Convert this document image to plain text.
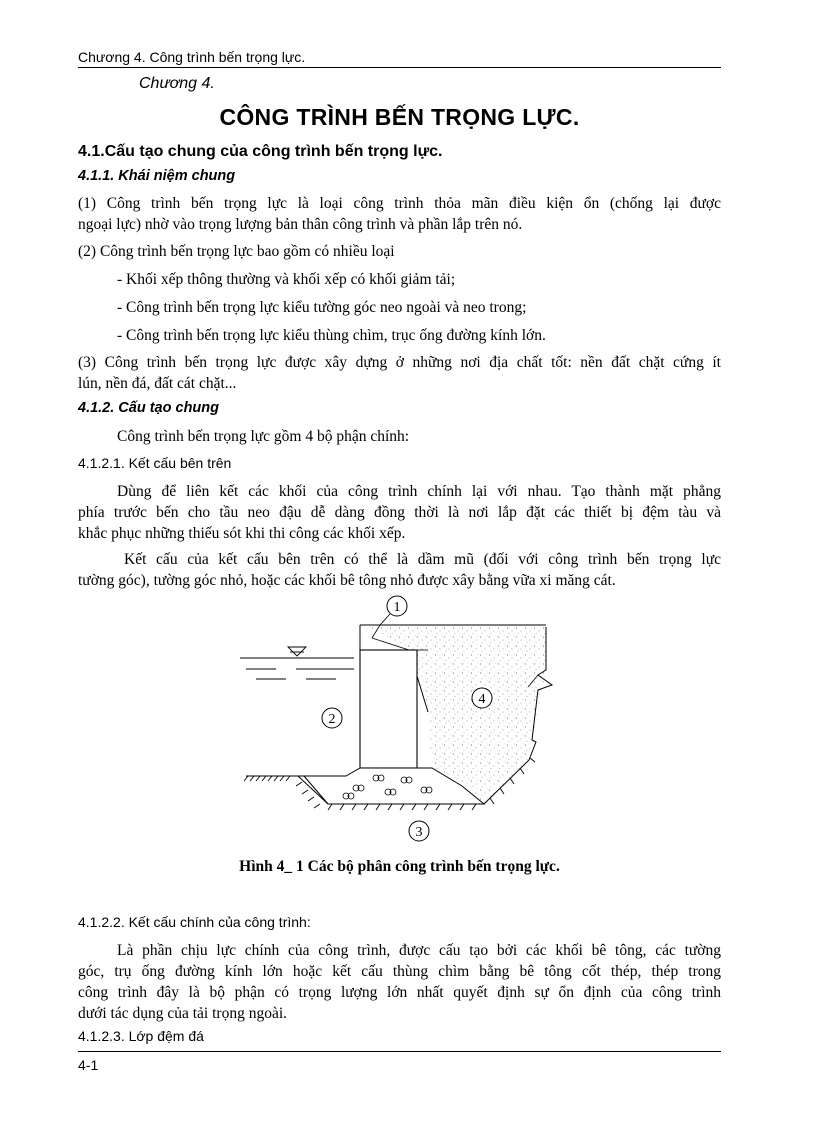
Chương 4. Công trình bến trọng lực.
Chương 4.
CÔNG TRÌNH BẾN TRỌNG LỰC.
4.1.Cấu tạo chung của công trình bến trọng lực.
4.1.1. Khái niệm chung
(1) Công trình bến trọng lực là loại công trình thỏa mãn điều kiện ổn (chống lại được
ngoại lực) nhờ vào trọng lượng bản thân công trình và phần lắp trên nó.
(2) Công trình bến trọng lực bao gồm có nhiều loại
- Khối xếp thông thường và khối xếp có khối giảm tải;
- Công trình bến trọng lực kiểu tường góc neo ngoài và neo trong;
- Công trình bến trọng lực kiểu thùng chìm, trục ống đường kính lớn.
(3) Công trình bến trọng lực được xây dựng ở những nơi địa chất tốt: nền đất chặt cứng ít
lún, nền đá, đất cát chặt...
4.1.2. Cấu tạo chung
Công trình bến trọng lực gồm 4 bộ phận chính:
4.1.2.1. Kết cấu bên trên
Dùng để liên kết các khối của công trình chính lại với nhau. Tạo thành mặt phẳng
phía trước bến cho tầu neo đậu dễ dàng đồng thời là nơi lắp đặt các thiết bị đệm tàu và
khắc phục những thiếu sót khi thi công các khối xếp.
Kết cấu của kết cấu bên trên có thể là dầm mũ (đối với công trình bến trọng lực
tường góc), tường góc nhỏ, hoặc các khối bê tông nhỏ được xây bằng vữa xi măng cát.
1
2
3
4
Hình 4_ 1 Các bộ phân công trình bến trọng lực.
4.1.2.2. Kết cấu chính của công trình:
Là phần chịu lực chính của công trình, được cấu tạo bởi các khối bê tông, các tường
góc, trụ ống đường kính lớn hoặc kết cấu thùng chìm bằng bê tông cốt thép, thép trong
công trình đây là bộ phận có trọng lượng lớn nhất quyết định sự ổn định của công trình
dưới tác dụng của tải trọng ngoài.
4.1.2.3. Lớp đệm đá
4-1
